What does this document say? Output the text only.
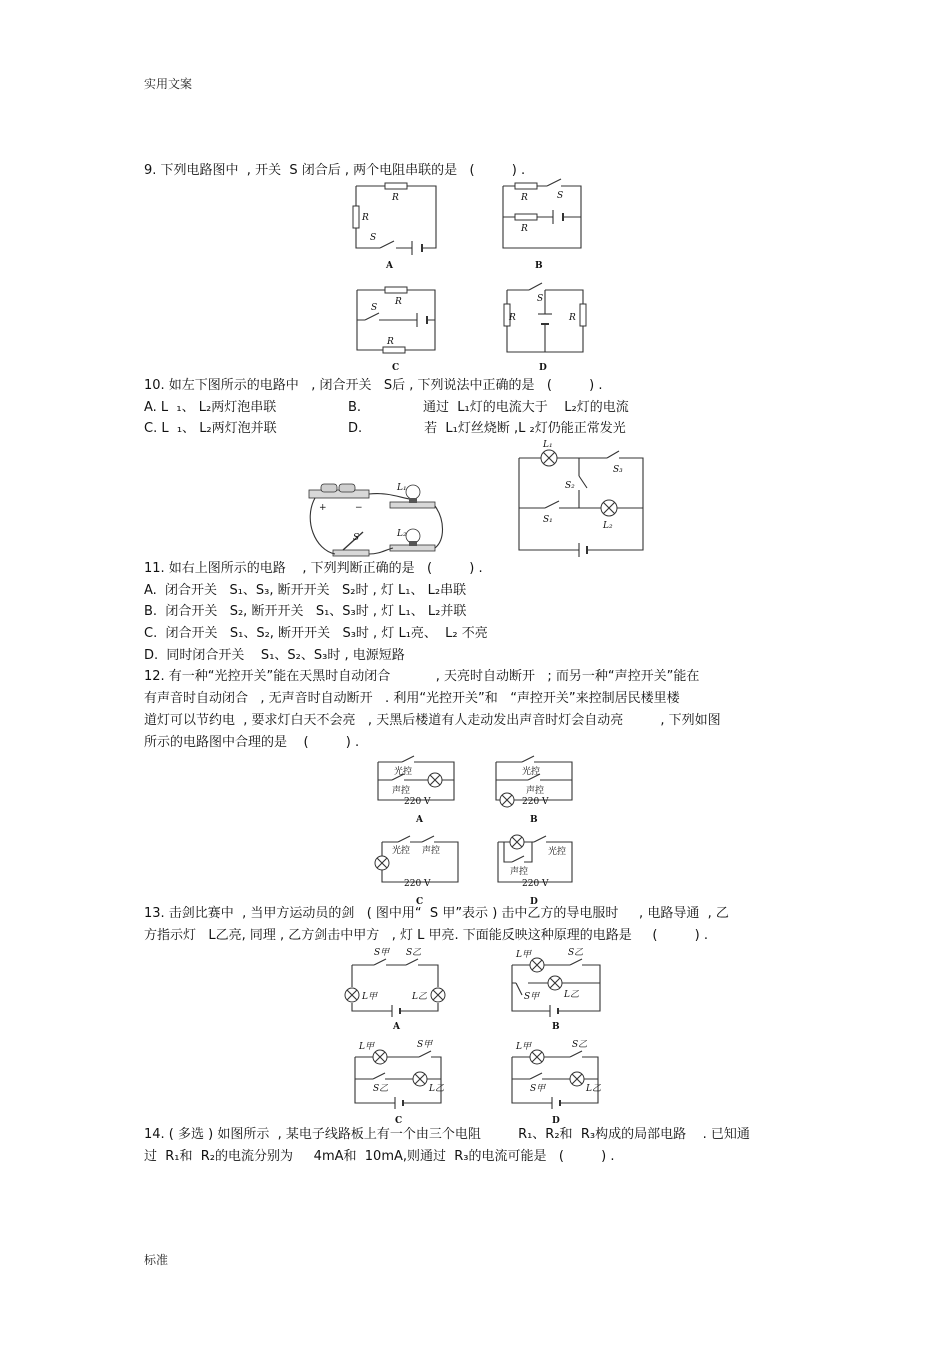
实用文案
9. 下列电路图中  , 开关  S 闭合后 , 两个电阻串联的是   (         ) .
R
R
S
A
R	S
R
B
R
S
R
C
R
S
R
D
10. 如左下图所示的电路中   , 闭合开关   S后 , 下列说法中正确的是   (         ) .
A. L  ₁、 L₂两灯泡串联	B.               通过  L₁灯的电流大于    L₂灯的电流
C. L  ₁、 L₂两灯泡并联	D.               若  L₁灯丝烧断 ,L ₂灯仍能正常发光
+	−
L₁
L₂
S
L₁
S₃
S₂
S₁
L₂
11. 如右上图所示的电路    , 下列判断正确的是   (         ) .
A.  闭合开关   S₁、S₃, 断开开关   S₂时 , 灯 L₁、 L₂串联
B.  闭合开关   S₂, 断开开关   S₁、S₃时 , 灯 L₁、 L₂并联
C.  闭合开关   S₁、S₂, 断开开关   S₃时 , 灯 L₁亮、  L₂ 不亮
D.  同时闭合开关    S₁、S₂、S₃时 , 电源短路
12. 有一种“光控开关”能在天黑时自动闭合           , 天亮时自动断开   ; 而另一种“声控开关”能在
有声音时自动闭合   , 无声音时自动断开   . 利用“光控开关”和   “声控开关”来控制居民楼里楼
道灯可以节约电  , 要求灯白天不会亮   , 天黑后楼道有人走动发出声音时灯会自动亮         , 下列如图
所示的电路图中合理的是    (         ) .
光控
声控
220 V
A
光控
声控
220 V
B
光控 声控
220 V
C
光控
声控
220 V
D
13. 击剑比赛中  , 当甲方运动员的剑   ( 图中用“  S 甲”表示 ) 击中乙方的导电服时     , 电路导通  , 乙
方指示灯   L乙亮, 同理 , 乙方剑击中甲方   , 灯 L 甲亮. 下面能反映这种原理的电路是     (         ) .
S甲 S乙
L甲	L乙
A
L甲	S乙
S甲	L乙
B
L甲	S甲
S乙	L乙
C
L甲	S乙
S甲	L乙
D
14. ( 多选 ) 如图所示  , 某电子线路板上有一个由三个电阻         R₁、R₂和  R₃构成的局部电路    . 已知通
过  R₁和  R₂的电流分别为     4mA和  10mA,则通过  R₃的电流可能是   (         ) .
标准
